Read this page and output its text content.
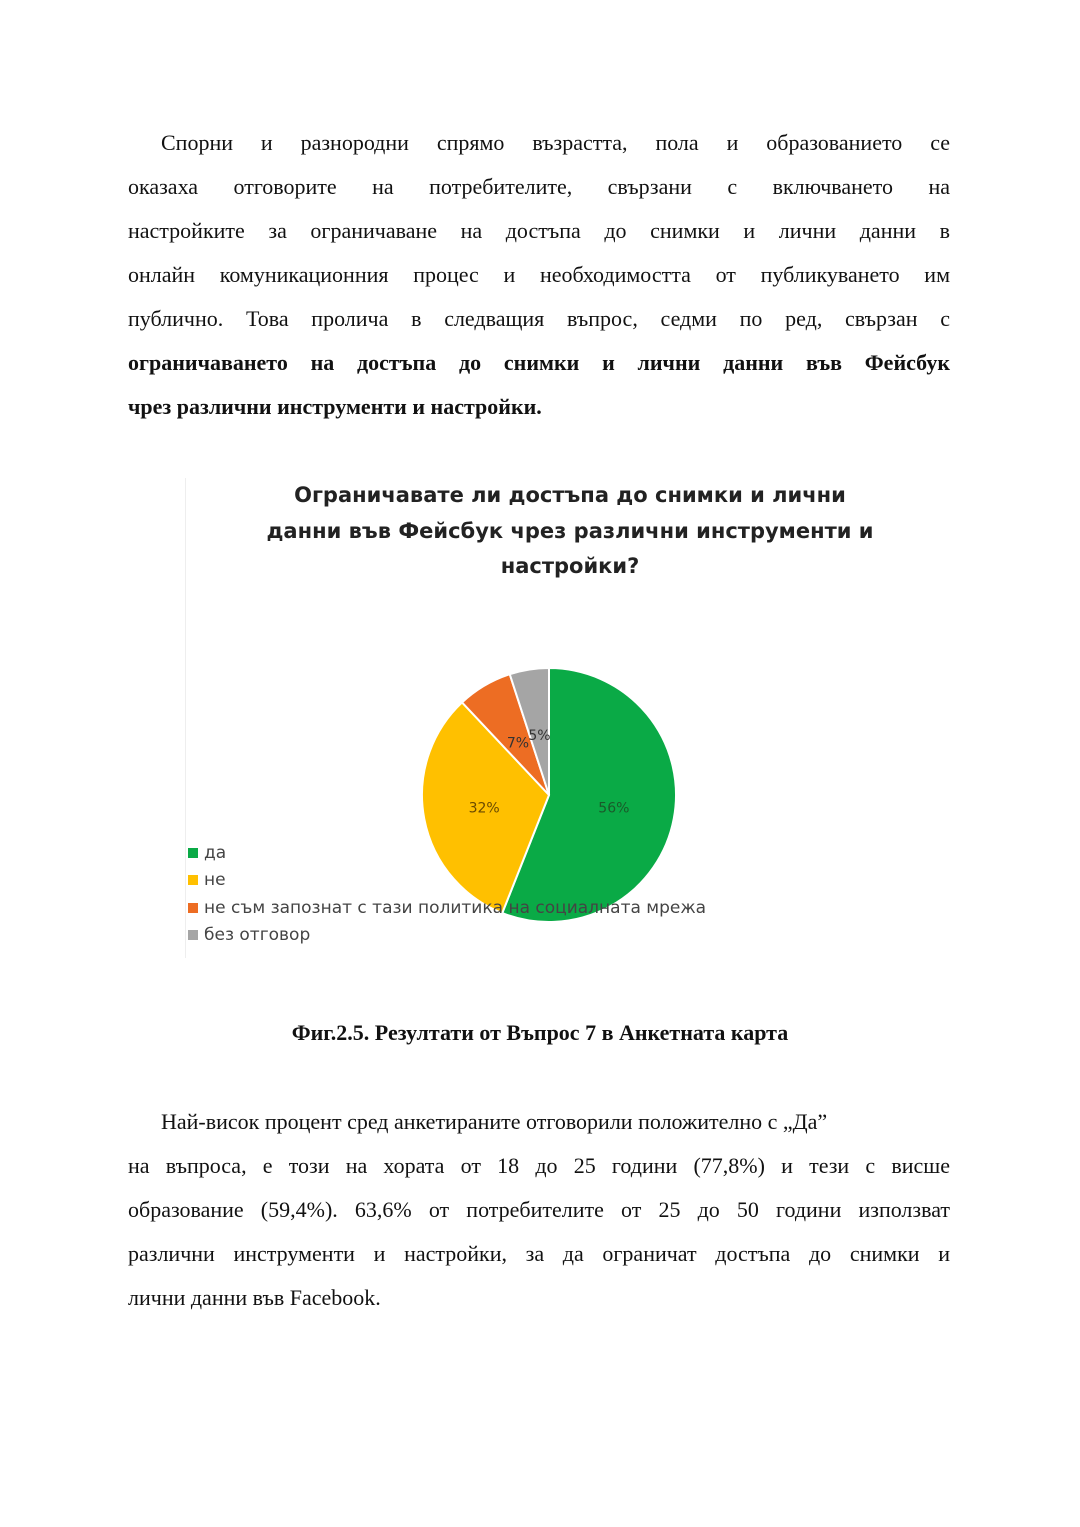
Спорни и разнородни спрямо възрастта, пола и образованието се
оказаха отговорите на потребителите, свързани с включването на
настройките за ограничаване на достъпа до снимки и лични данни в
онлайн комуникационния процес и необходимостта от публикуването им
публично. Това пролича в следващия въпрос, седми по ред, свързан с
ограничаването на достъпа до снимки и лични данни във Фейсбук
чрез различни инструменти и настройки.
Ограничавате ли достъпа до снимки и лични
данни във Фейсбук чрез различни инструменти и
настройки?
56%
32%
7% 5%
да
не
не съм запознат с тази политика на социалната мрежа
без отговор
Фиг.2.5. Резултати от Въпрос 7 в Анкетната карта
Най-висок процент сред анкетираните отговорили положително с „Да”
на въпроса, е този на хората от 18 до 25 години (77,8%) и тези с висше
образование (59,4%). 63,6% от потребителите от 25 до 50 години използват
различни инструменти и настройки, за да ограничат достъпа до снимки и
лични данни във Facebook.
